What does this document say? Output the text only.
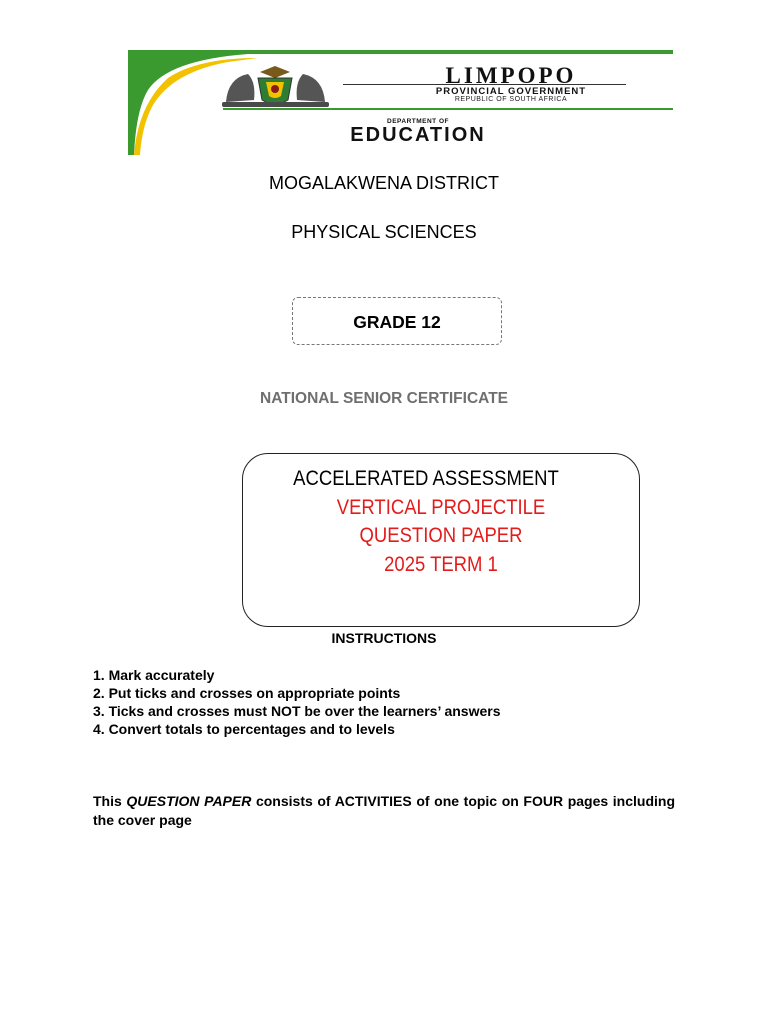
LIMPOPO
PROVINCIAL GOVERNMENT
REPUBLIC OF SOUTH AFRICA
DEPARTMENT OF
EDUCATION
MOGALAKWENA DISTRICT
PHYSICAL SCIENCES
GRADE 12
NATIONAL SENIOR CERTIFICATE
ACCELERATED ASSESSMENT
VERTICAL PROJECTILE
QUESTION PAPER
2025 TERM 1
INSTRUCTIONS
1. Mark accurately
2. Put ticks and crosses on appropriate points
3. Ticks and crosses must NOT be over the learners’ answers
4. Convert totals to percentages and to levels
This QUESTION PAPER consists of ACTIVITIES of one topic on FOUR pages including the cover page
